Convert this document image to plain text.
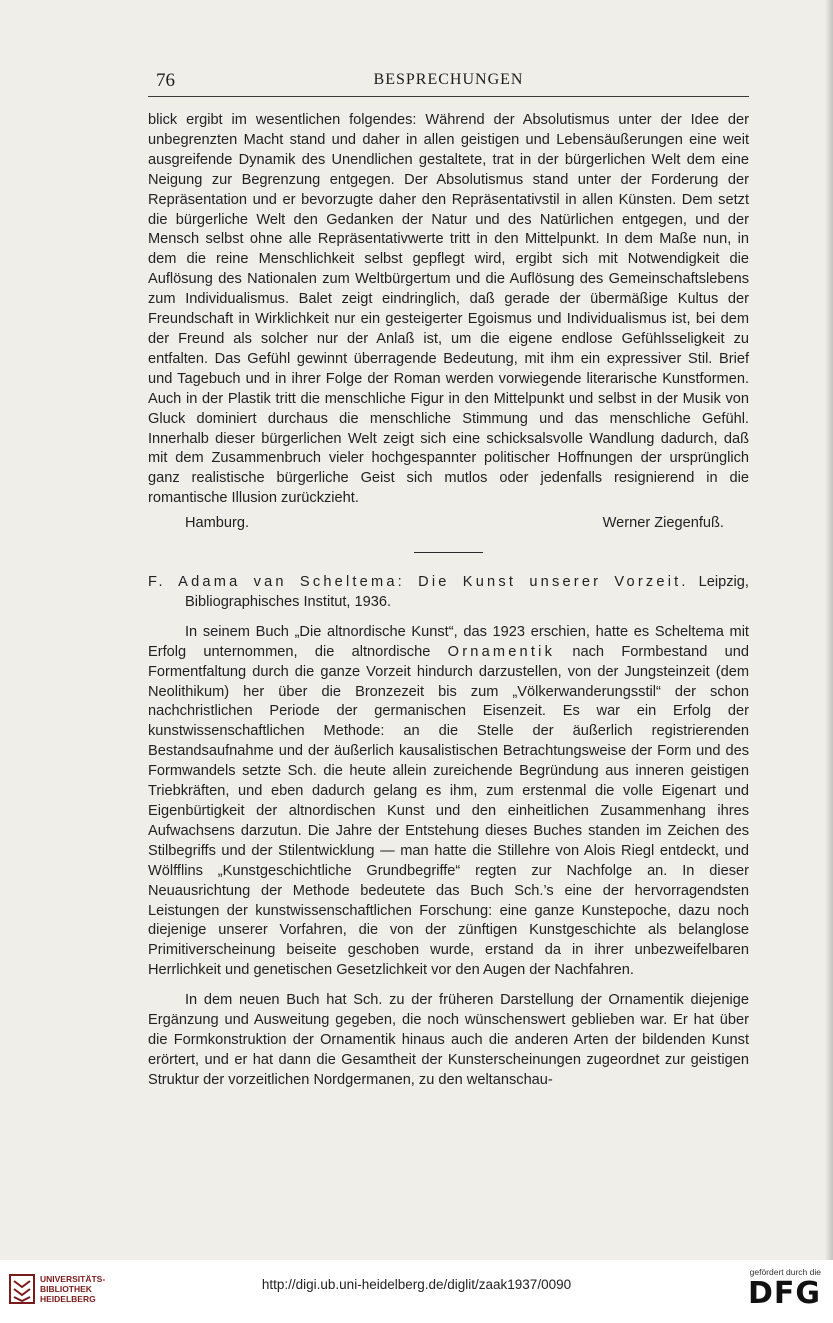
76	BESPRECHUNGEN

blick ergibt im wesentlichen folgendes: Während der Absolutismus unter der Idee der unbegrenzten Macht stand und daher in allen geistigen und Lebensäußerungen eine weit ausgreifende Dynamik des Unendlichen gestaltete, trat in der bürgerlichen Welt dem eine Neigung zur Begrenzung entgegen. Der Absolutismus stand unter der Forderung der Repräsentation und er bevorzugte daher den Repräsentativstil in allen Künsten. Dem setzt die bürgerliche Welt den Gedanken der Natur und des Natürlichen entgegen, und der Mensch selbst ohne alle Repräsentativwerte tritt in den Mittelpunkt. In dem Maße nun, in dem die reine Menschlichkeit selbst gepflegt wird, ergibt sich mit Notwendigkeit die Auflösung des Nationalen zum Weltbürgertum und die Auflösung des Gemeinschaftslebens zum Individualismus. Balet zeigt eindringlich, daß gerade der übermäßige Kultus der Freundschaft in Wirklichkeit nur ein gesteigerter Egoismus und Individualismus ist, bei dem der Freund als solcher nur der Anlaß ist, um die eigene endlose Gefühlsseligkeit zu entfalten. Das Gefühl gewinnt überragende Bedeutung, mit ihm ein expressiver Stil. Brief und Tagebuch und in ihrer Folge der Roman werden vorwiegende literarische Kunstformen. Auch in der Plastik tritt die menschliche Figur in den Mittelpunkt und selbst in der Musik von Gluck dominiert durchaus die menschliche Stimmung und das menschliche Gefühl. Innerhalb dieser bürgerlichen Welt zeigt sich eine schicksalsvolle Wandlung dadurch, daß mit dem Zusammenbruch vieler hochgespannter politischer Hoffnungen der ursprünglich ganz realistische bürgerliche Geist sich mutlos oder jedenfalls resignierend in die romantische Illusion zurückzieht.

Hamburg.	Werner Ziegenfuß.

F. Adama van Scheltema: Die Kunst unserer Vorzeit. Leipzig, Bibliographisches Institut, 1936.

In seinem Buch „Die altnordische Kunst“, das 1923 erschien, hatte es Scheltema mit Erfolg unternommen, die altnordische Ornamentik nach Formbestand und Formentfaltung durch die ganze Vorzeit hindurch darzustellen, von der Jungsteinzeit (dem Neolithikum) her über die Bronzezeit bis zum „Völkerwanderungsstil“ der schon nachchristlichen Periode der germanischen Eisenzeit. Es war ein Erfolg der kunstwissenschaftlichen Methode: an die Stelle der äußerlich registrierenden Bestandsaufnahme und der äußerlich kausalistischen Betrachtungsweise der Form und des Formwandels setzte Sch. die heute allein zureichende Begründung aus inneren geistigen Triebkräften, und eben dadurch gelang es ihm, zum erstenmal die volle Eigenart und Eigenbürtigkeit der altnordischen Kunst und den einheitlichen Zusammenhang ihres Aufwachsens darzutun. Die Jahre der Entstehung dieses Buches standen im Zeichen des Stilbegriffs und der Stilentwicklung — man hatte die Stillehre von Alois Riegl entdeckt, und Wölfflins „Kunstgeschichtliche Grundbegriffe“ regten zur Nachfolge an. In dieser Neuausrichtung der Methode bedeutete das Buch Sch.’s eine der hervorragendsten Leistungen der kunstwissenschaftlichen Forschung: eine ganze Kunstepoche, dazu noch diejenige unserer Vorfahren, die von der zünftigen Kunstgeschichte als belanglose Primitiverscheinung beiseite geschoben wurde, erstand da in ihrer unbezweifelbaren Herrlichkeit und genetischen Gesetzlichkeit vor den Augen der Nachfahren.

In dem neuen Buch hat Sch. zu der früheren Darstellung der Ornamentik diejenige Ergänzung und Ausweitung gegeben, die noch wünschenswert geblieben war. Er hat über die Formkonstruktion der Ornamentik hinaus auch die anderen Arten der bildenden Kunst erörtert, und er hat dann die Gesamtheit der Kunsterscheinungen zugeordnet zur geistigen Struktur der vorzeitlichen Nordgermanen, zu den weltanschau-

UNIVERSITÄTS-
BIBLIOTHEK
HEIDELBERG
http://digi.ub.uni-heidelberg.de/diglit/zaak1937/0090
gefördert durch die
DFG
